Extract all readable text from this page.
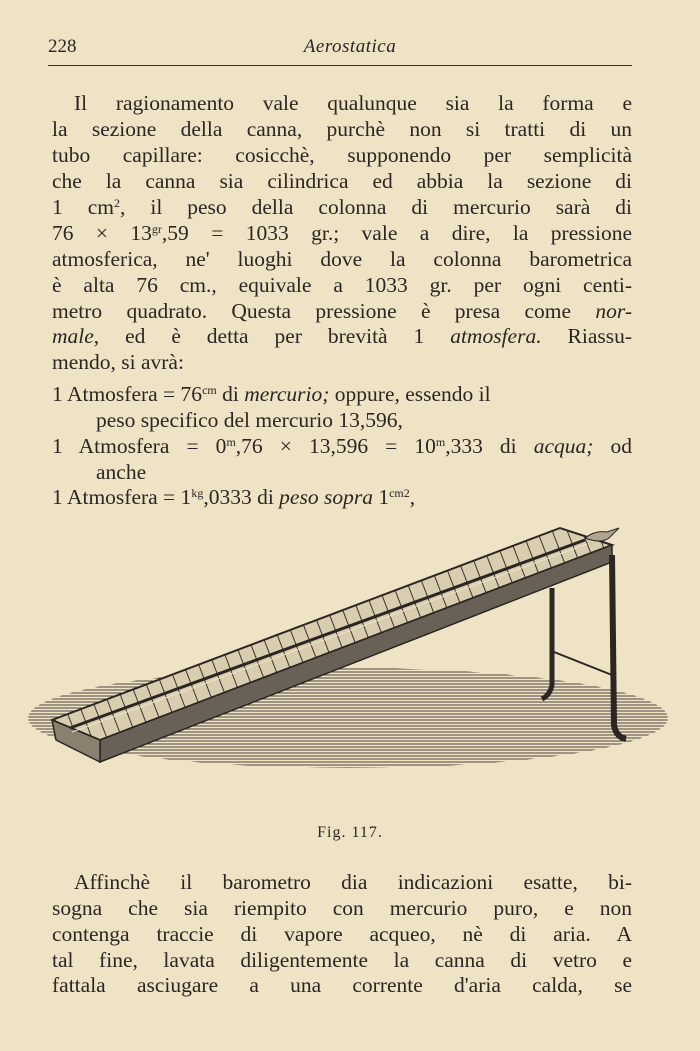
228	Aerostatica
Il ragionamento vale qualunque sia la forma e
la sezione della canna, purchè non si tratti di un
tubo capillare: cosicchè, supponendo per semplicità
che la canna sia cilindrica ed abbia la sezione di
1 $cm^2$, il peso della colonna di mercurio sarà di
$76 \times 13^{gr},59 = 1033$ gr.; vale a dire, la pressione
atmosferica, ne' luoghi dove la colonna barometrica
è alta 76 cm., equivale a 1033 gr. per ogni centi-
metro quadrato. Questa pressione è presa come nor-
male, ed è detta per brevità 1 atmosfera. Riassu-
mendo, si avrà:
1 Atmosfera = $76^{cm}$ di mercurio; oppure, essendo il
peso specifico del mercurio 13,596,
1 Atmosfera = $0^m,76 \times 13,596 = 10^m,333$ di acqua; od
anche
1 Atmosfera = $1^{kg},0333$ di peso sopra $1^{cm2}$,
Affinchè il barometro dia indicazioni esatte, bi-
sogna che sia riempito con mercurio puro, e non
contenga traccie di vapore acqueo, nè di aria. A
tal fine, lavata diligentemente la canna di vetro e
fattala asciugare a una corrente d'aria calda, se
Fig. 117.
